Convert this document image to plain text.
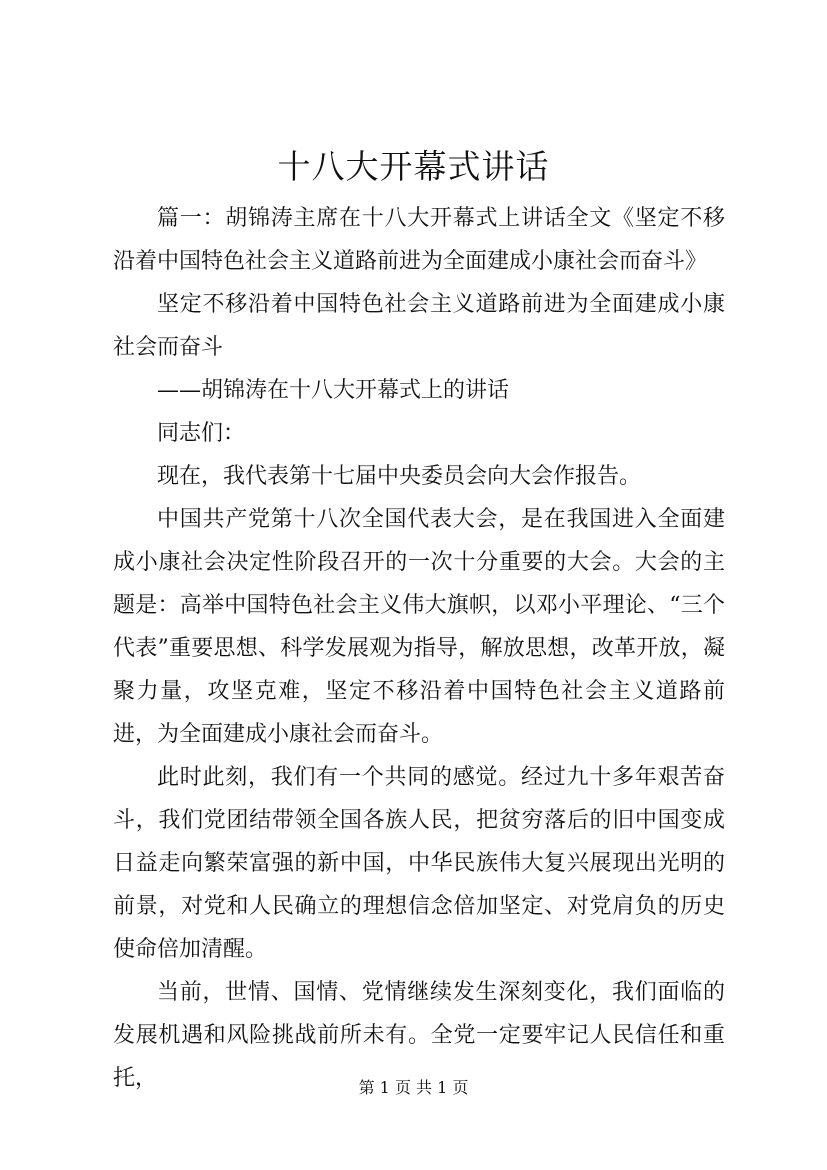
十八大开幕式讲话

篇一：胡锦涛主席在十八大开幕式上讲话全文《坚定不移沿着中国特色社会主义道路前进为全面建成小康社会而奋斗》

坚定不移沿着中国特色社会主义道路前进为全面建成小康社会而奋斗

——胡锦涛在十八大开幕式上的讲话

同志们：

现在，我代表第十七届中央委员会向大会作报告。

中国共产党第十八次全国代表大会，是在我国进入全面建成小康社会决定性阶段召开的一次十分重要的大会。大会的主题是：高举中国特色社会主义伟大旗帜，以邓小平理论、“三个代表”重要思想、科学发展观为指导，解放思想，改革开放，凝聚力量，攻坚克难，坚定不移沿着中国特色社会主义道路前进，为全面建成小康社会而奋斗。

此时此刻，我们有一个共同的感觉。经过九十多年艰苦奋斗，我们党团结带领全国各族人民，把贫穷落后的旧中国变成日益走向繁荣富强的新中国，中华民族伟大复兴展现出光明的前景，对党和人民确立的理想信念倍加坚定、对党肩负的历史使命倍加清醒。

当前，世情、国情、党情继续发生深刻变化，我们面临的发展机遇和风险挑战前所未有。全党一定要牢记人民信任和重托，	第 1 页 共 1 页
